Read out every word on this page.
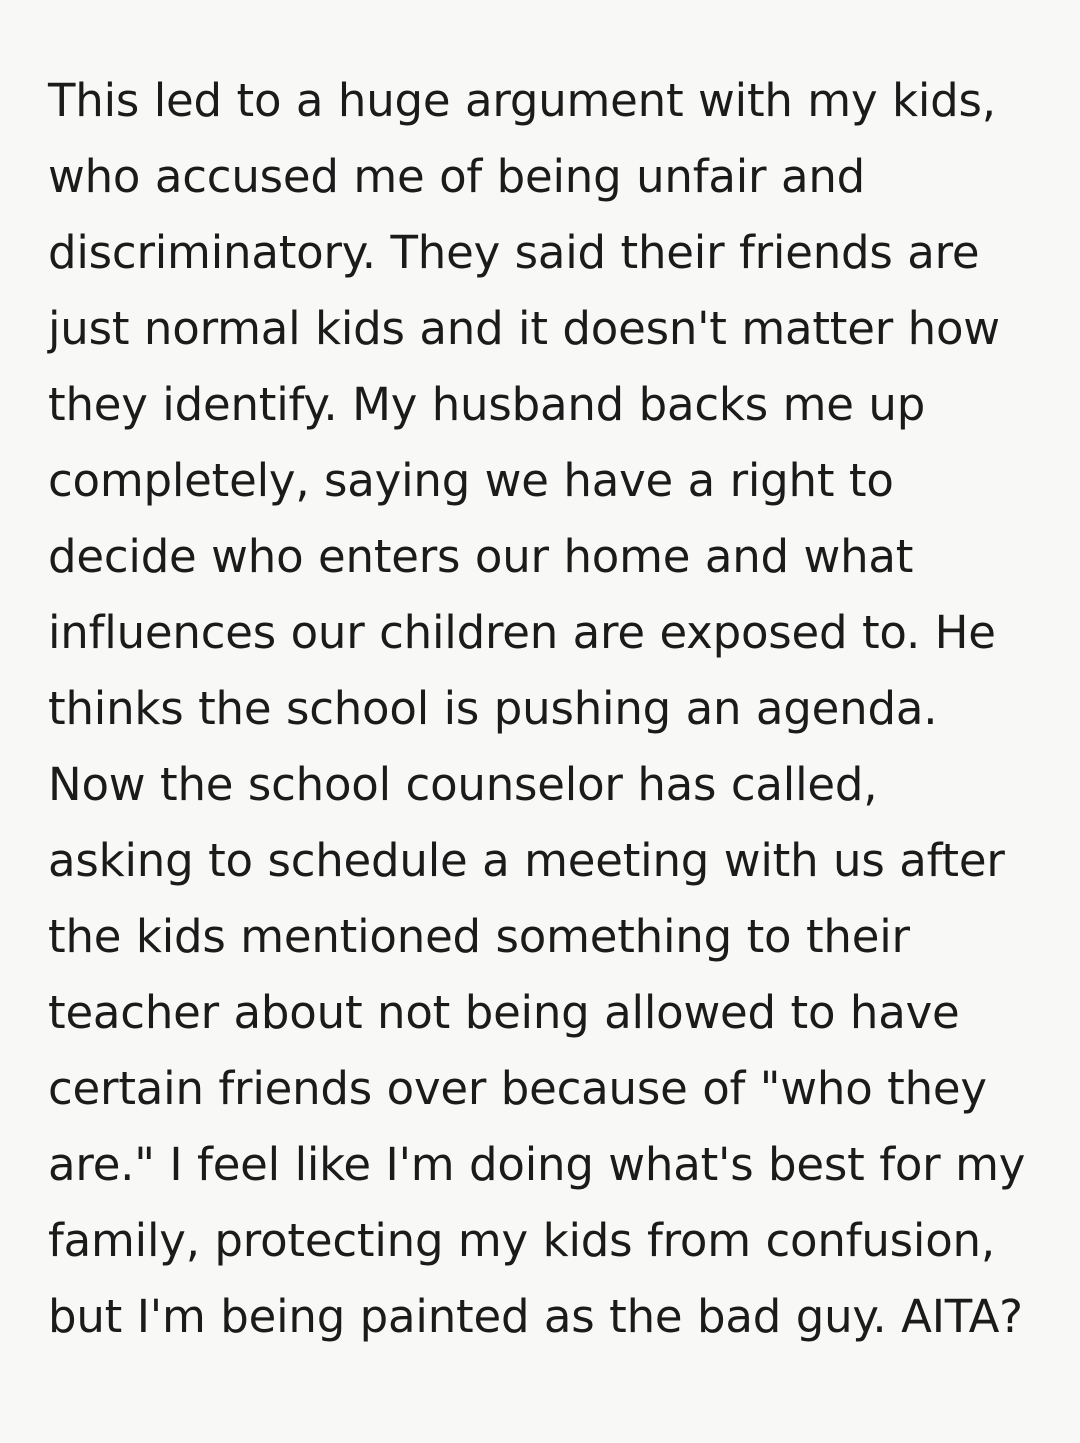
This led to a huge argument with my kids, who accused me of being unfair and discriminatory. They said their friends are just normal kids and it doesn't matter how they identify. My husband backs me up completely, saying we have a right to decide who enters our home and what influences our children are exposed to. He thinks the school is pushing an agenda. Now the school counselor has called, asking to schedule a meeting with us after the kids mentioned something to their teacher about not being allowed to have certain friends over because of "who they are." I feel like I'm doing what's best for my family, protecting my kids from confusion, but I'm being painted as the bad guy. AITA?
